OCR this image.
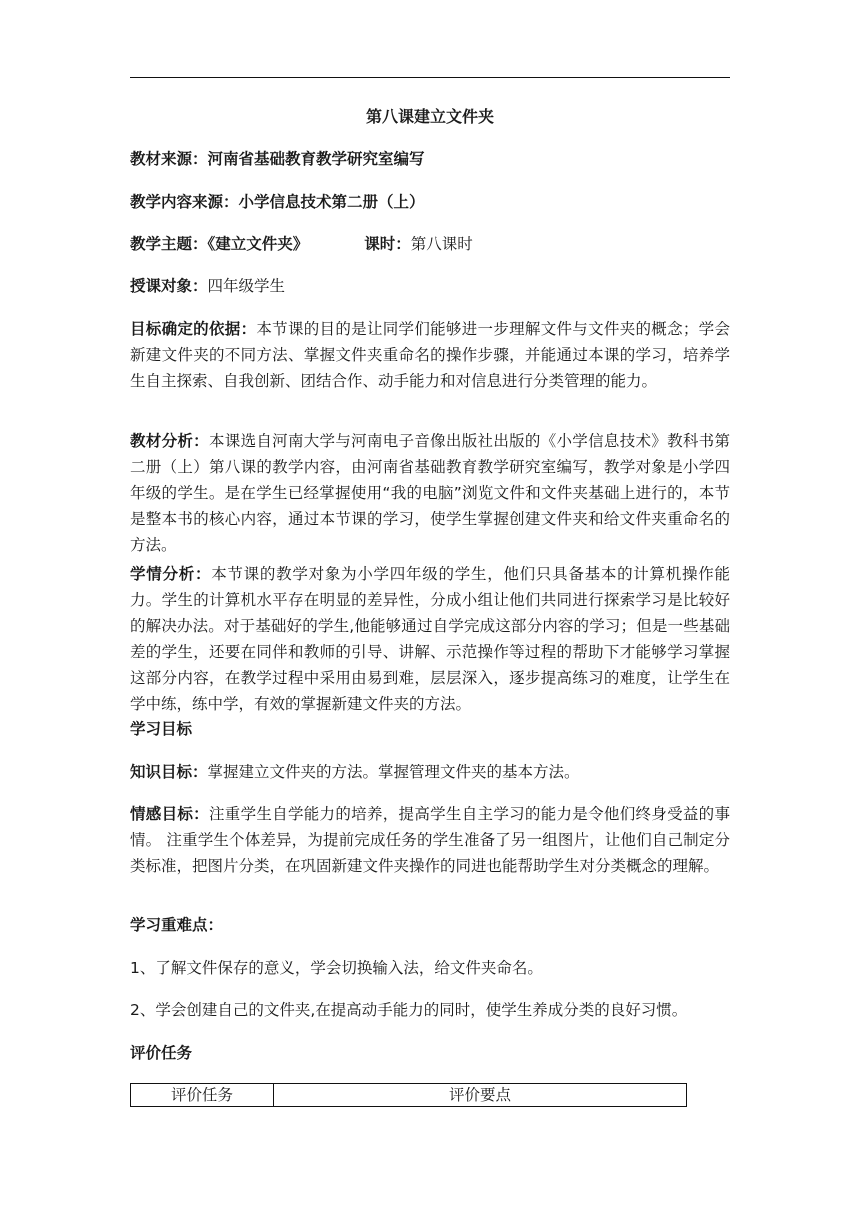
第八课建立文件夹
教材来源：河南省基础教育教学研究室编写
教学内容来源：小学信息技术第二册（上）
教学主题：《建立文件夹》	课时：第八课时
授课对象：四年级学生
目标确定的依据：本节课的目的是让同学们能够进一步理解文件与文件夹的概念；学会新建文件夹的不同方法、掌握文件夹重命名的操作步骤，并能通过本课的学习，培养学生自主探索、自我创新、团结合作、动手能力和对信息进行分类管理的能力。
教材分析：本课选自河南大学与河南电子音像出版社出版的《小学信息技术》教科书第二册（上）第八课的教学内容，由河南省基础教育教学研究室编写，教学对象是小学四年级的学生。是在学生已经掌握使用“我的电脑”浏览文件和文件夹基础上进行的，本节是整本书的核心内容，通过本节课的学习，使学生掌握创建文件夹和给文件夹重命名的方法。
学情分析：本节课的教学对象为小学四年级的学生，他们只具备基本的计算机操作能力。学生的计算机水平存在明显的差异性，分成小组让他们共同进行探索学习是比较好的解决办法。对于基础好的学生,他能够通过自学完成这部分内容的学习；但是一些基础差的学生，还要在同伴和教师的引导、讲解、示范操作等过程的帮助下才能够学习掌握这部分内容，在教学过程中采用由易到难，层层深入，逐步提高练习的难度，让学生在学中练，练中学，有效的掌握新建文件夹的方法。
学习目标
知识目标：掌握建立文件夹的方法。掌握管理文件夹的基本方法。
情感目标：注重学生自学能力的培养，提高学生自主学习的能力是令他们终身受益的事情。 注重学生个体差异，为提前完成任务的学生准备了另一组图片，让他们自己制定分类标准，把图片分类，在巩固新建文件夹操作的同进也能帮助学生对分类概念的理解。
学习重难点：
1、了解文件保存的意义，学会切换输入法，给文件夹命名。
2、学会创建自己的文件夹,在提高动手能力的同时，使学生养成分类的良好习惯。
评价任务
评价任务	评价要点
